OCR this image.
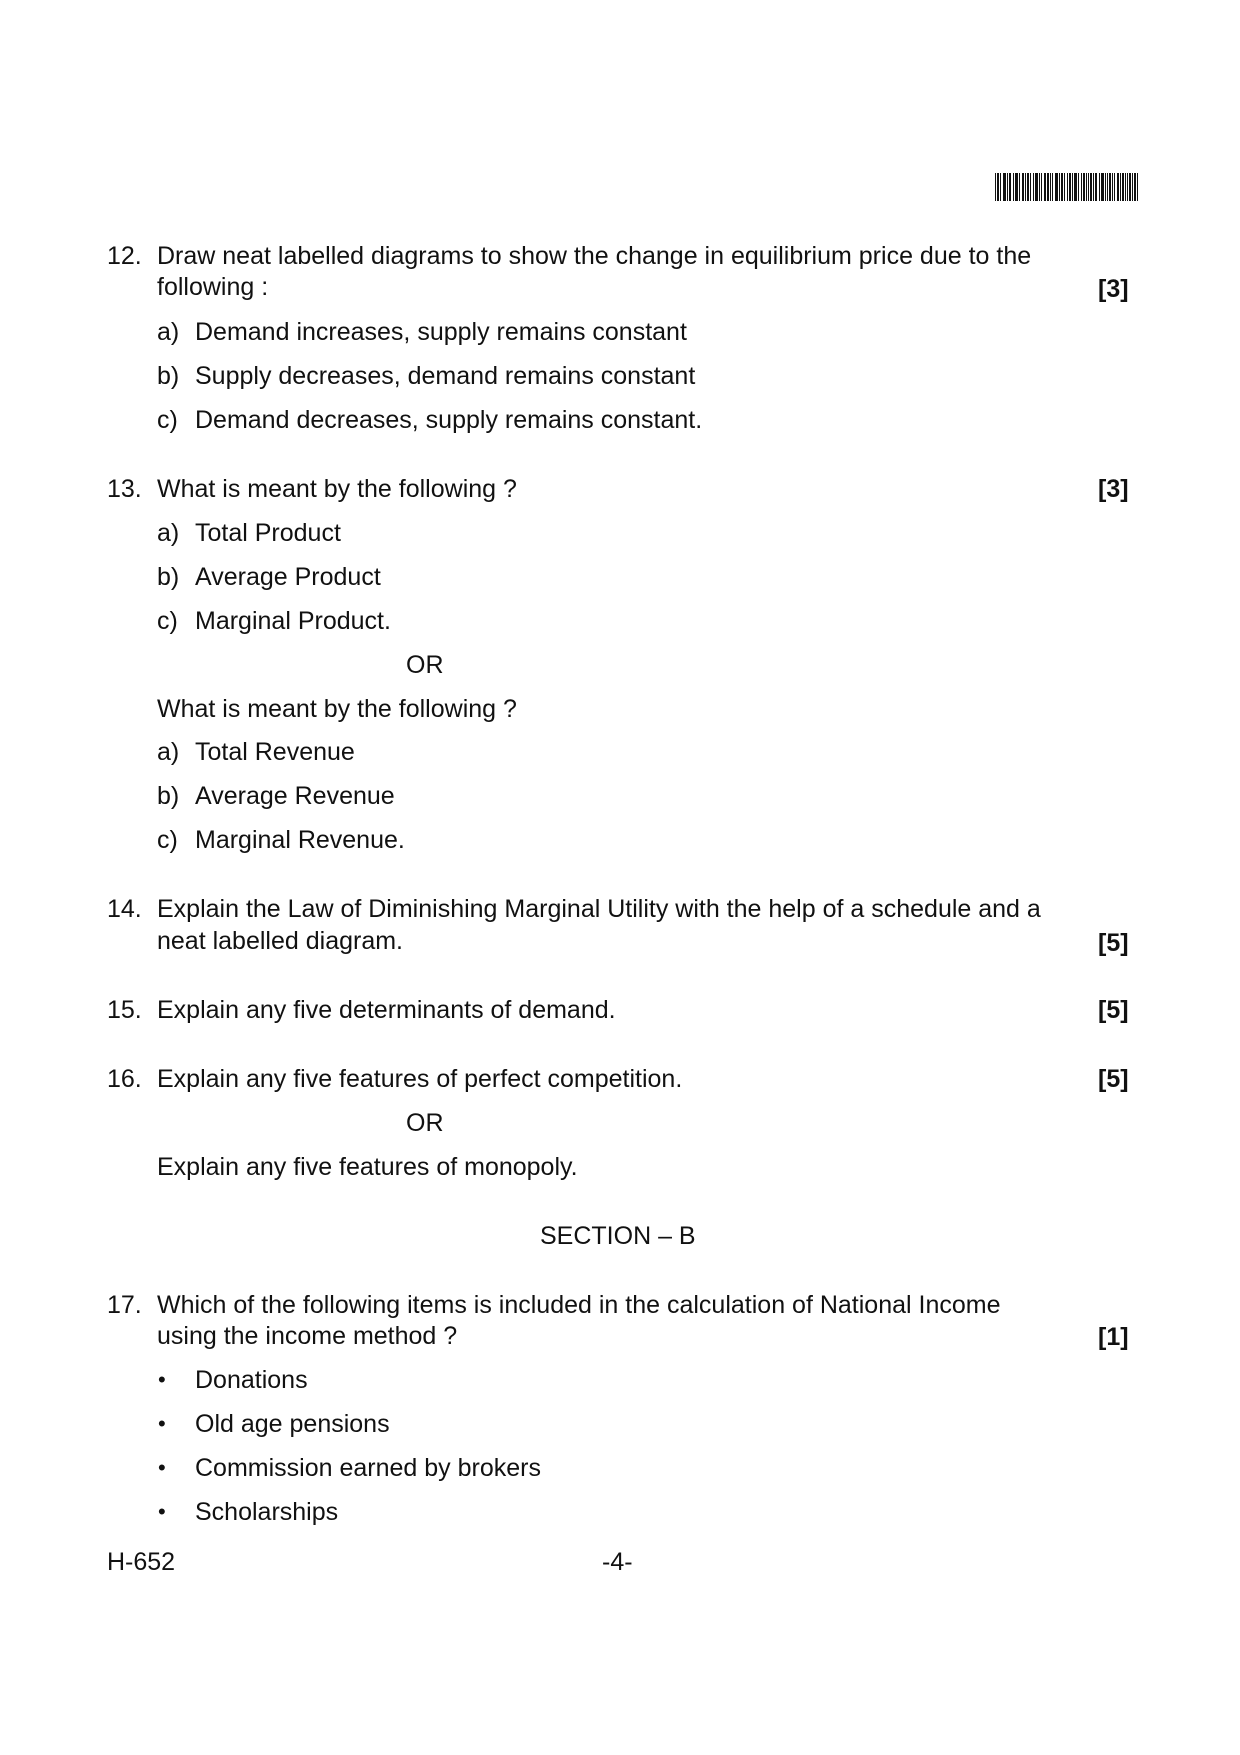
12. Draw neat labelled diagrams to show the change in equilibrium price due to the
following :	[3]
a) Demand increases, supply remains constant
b) Supply decreases, demand remains constant
c) Demand decreases, supply remains constant.
13. What is meant by the following ?	[3]
a) Total Product
b) Average Product
c) Marginal Product.
OR
What is meant by the following ?
a) Total Revenue
b) Average Revenue
c) Marginal Revenue.
14. Explain the Law of Diminishing Marginal Utility with the help of a schedule and a
neat labelled diagram.	[5]
15. Explain any five determinants of demand.	[5]
16. Explain any five features of perfect competition.	[5]
OR
Explain any five features of monopoly.
SECTION – B
17. Which of the following items is included in the calculation of National Income
using the income method ?	[1]
• Donations
• Old age pensions
• Commission earned by brokers
• Scholarships
H-652	-4-
